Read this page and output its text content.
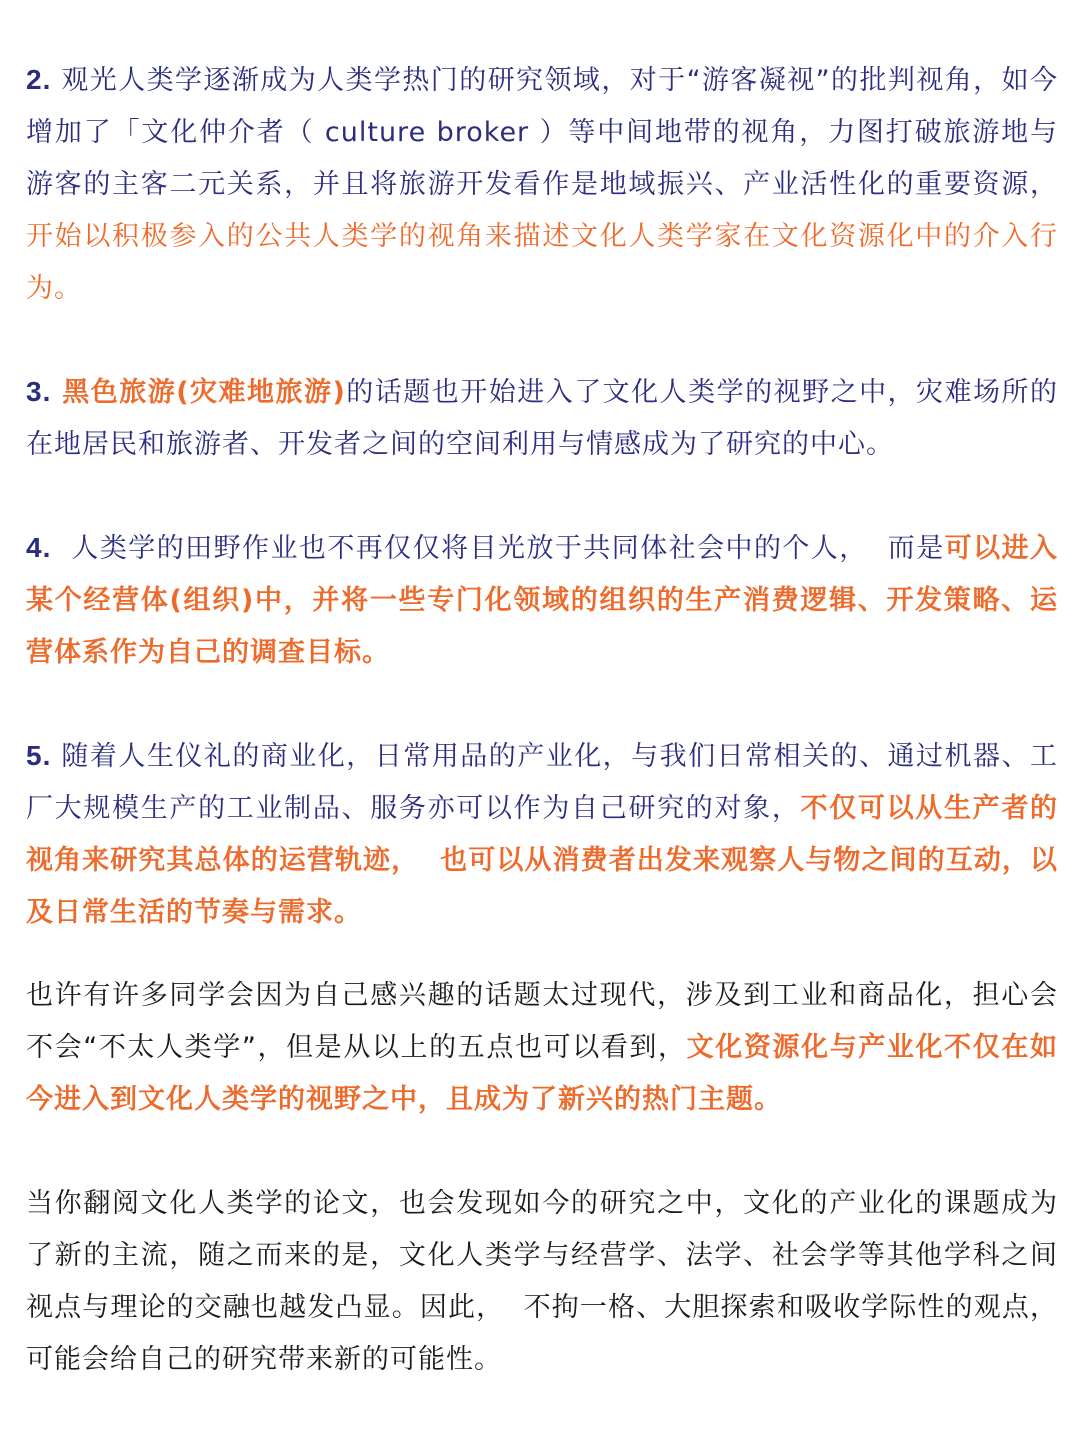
2. 观光人类学逐渐成为人类学热门的研究领域，对于“游客凝视”的批判视角，如今增加了「文化仲介者（ culture broker ）等中间地带的视角，力图打破旅游地与游客的主客二元关系，并且将旅游开发看作是地域振兴、产业活性化的重要资源，开始以积极参入的公共人类学的视角来描述文化人类学家在文化资源化中的介入行为。

3. 黑色旅游(灾难地旅游)的话题也开始进入了文化人类学的视野之中，灾难场所的在地居民和旅游者、开发者之间的空间利用与情感成为了研究的中心。

4.  人类学的田野作业也不再仅仅将目光放于共同体社会中的个人，  而是可以进入某个经营体(组织)中，并将一些专门化领域的组织的生产消费逻辑、开发策略、运营体系作为自己的调查目标。

5. 随着人生仪礼的商业化，日常用品的产业化，与我们日常相关的、通过机器、工厂大规模生产的工业制品、服务亦可以作为自己研究的对象，不仅可以从生产者的视角来研究其总体的运营轨迹，  也可以从消费者出发来观察人与物之间的互动，以及日常生活的节奏与需求。

也许有许多同学会因为自己感兴趣的话题太过现代，涉及到工业和商品化，担心会不会“不太人类学”，但是从以上的五点也可以看到，文化资源化与产业化不仅在如今进入到文化人类学的视野之中，且成为了新兴的热门主题。

当你翻阅文化人类学的论文，也会发现如今的研究之中，文化的产业化的课题成为了新的主流，随之而来的是，文化人类学与经营学、法学、社会学等其他学科之间视点与理论的交融也越发凸显。因此，  不拘一格、大胆探索和吸收学际性的观点，可能会给自己的研究带来新的可能性。
